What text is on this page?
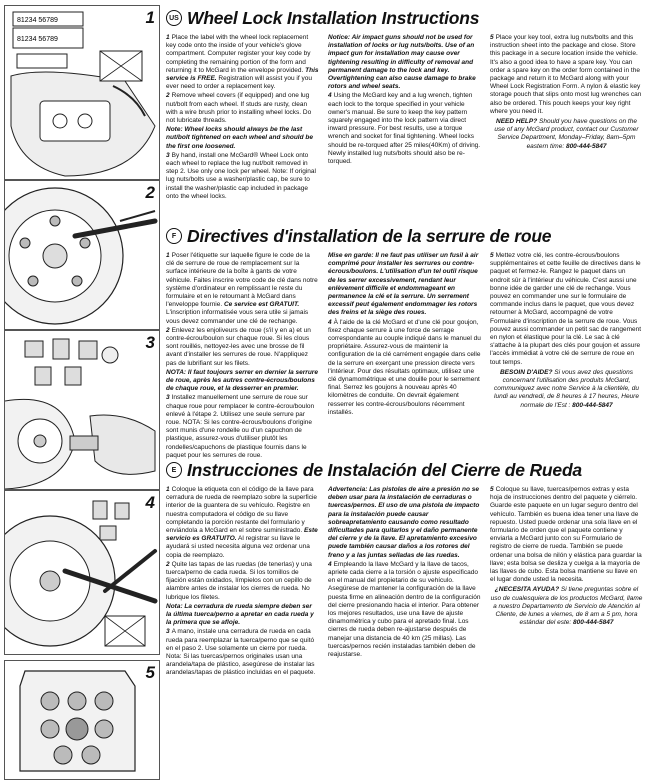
81234 56789
81234 56789
1
2
3
4
5
US Wheel Lock Installation Instructions

1 Place the label with the wheel lock replacement key code onto the inside of your vehicle's glove compartment. Computer register your key code by completing the remaining portion of the form and returning it to McGard in the envelope provided. This service is FREE. Registration will assist you if you ever need to order a replacement key.

2 Remove wheel covers (if equipped) and one lug nut/bolt from each wheel. If studs are rusty, clean with a wire brush prior to installing wheel locks. Do not lubricate threads.

Note: Wheel locks should always be the last nut/bolt tightened on each wheel and should be the first one loosened.

3 By hand, install one McGard® Wheel Lock onto each wheel to replace the lug nut/bolt removed in step 2. Use only one lock per wheel. Note: If original lug nuts/bolts use a washer/plastic cap, be sure to install the washer/plastic cap included in package onto the wheel locks.

Notice: Air impact guns should not be used for installation of locks or lug nuts/bolts. Use of an impact gun for installation may cause over tightening resulting in difficulty of removal and permanent damage to the lock and key. Overtightening can also cause damage to brake rotors and wheel seats.

4 Using the McGard key and a lug wrench, tighten each lock to the torque specified in your vehicle owner's manual. Be sure to keep the key pattern squarely engaged into the lock pattern via direct inward pressure. For best results, use a torque wrench and socket for final tightening. Wheel locks should be re-torqued after 25 miles(40Km) of driving. Newly installed lug nuts/bolts should also be re-torqued.

5 Place your key tool, extra lug nuts/bolts and this instruction sheet into the package and close. Store this package in a secure location inside the vehicle. It's also a good idea to have a spare key. You can order a spare key on the order form contained in the package and return it to McGard along with your Wheel Lock Registration Form. A nylon & elastic key storage pouch that slips onto most lug wrenches can also be ordered. This pouch keeps your key right where you need it.

NEED HELP? Should you have questions on the use of any McGard product, contact our Customer Service Department, Monday–Friday, 8am–5pm eastern time: 800-444-5847

F Directives d'installation de la serrure de roue

1 Poser l'étiquette sur laquelle figure le code de la clé de serrure de roue de remplacement sur la surface intérieure de la boîte à gants de votre véhicule. Faites inscrire votre code de clé dans notre système d'ordinateur en remplissant le reste du formulaire et en le retournant à McGard dans l'enveloppe fournie. Ce service est GRATUIT. L'inscription informatisée vous sera utile si jamais vous devez commander une clé de rechange.

2 Enlevez les enjoliveurs de roue (s'il y en a) et un contre-écrou/boulon sur chaque roue. Si les clous sont rouillés, nettoyez-les avec une brosse de fil avant d'installer les serrures de roue. N'appliquez pas de lubrifiant sur les filets.

NOTA: Il faut toujours serrer en dernier la serrure de roue, après les autres contre-écrous/boulons de chaque roue, et la desserrer en premier.

3 Installez manuellement une serrure de roue sur chaque roue pour remplacer le contre-écrou/boulon enlevé à l'étape 2. Utilisez une seule serrure par roue. NOTA: Si les contre-écrous/boulons d'origine sont munis d'une rondelle ou d'un capuchon de plastique, assurez-vous d'utiliser plutôt les rondelles/capuchons de plastique fournis dans le paquet pour les serrures de roue.

Mise en garde: Il ne faut pas utiliser un fusil à air comprimé pour installer les serrures ou contre-écrous/boulons. L'utilisation d'un tel outil risque de les serrer excessivement, rendant leur enlèvement difficile et endommageant en permanence la clé et la serrure. Un serrement excessif peut également endommager les rotors des freins et la siège des roues.

4 À l'aide de la clé McGard et d'une clé pour goujon, fixez chaque serrure à une force de serrage correspondante au couple indiqué dans le manuel du propriétaire. Assurez-vous de maintenir la configuration de la clé carrément engagée dans celle de la serrure en exerçant une pression directe vers l'intérieur. Pour des résultats optimaux, utilisez une clé dynamométrique et une douille pour le serrement final. Serrez les goujons à nouveau après 40 kilomètres de conduite. On devrait également resserrer les contre-écrous/boulons récemment installés.

5 Mettez votre clé, les contre-écrous/boulons supplémentaires et cette feuille de directives dans le paquet et fermez-le. Rangez le paquet dans un endroit sûr à l'intérieur du véhicule. C'est aussi une bonne idée de garder une clé de rechange. Vous pouvez en commander une sur le formulaire de commande inclus dans le paquet, que vous devez retourner à McGard, accompagné de votre Formulaire d'inscription de la serrure de roue. Vous pouvez aussi commander un petit sac de rangement en nylon et élastique pour la clé. Le sac à clé s'attache à la plupart des clés pour goujon et assure l'accès immédiat à votre clé de serrure de roue en tout temps.

BESOIN D'AIDE? Si vous avez des questions concernant l'utilisation des produits McGard, communiquez avec notre Service à la clientèle, du lundi au vendredi, de 8 heures à 17 heures, Heure normale de l'Est : 800-444-5847

E Instrucciones de Instalación del Cierre de Rueda

1 Coloque la etiqueta con el código de la llave para cerradura de rueda de reemplazo sobre la superficie interior de la guantera de su vehículo. Registre en nuestra computadora el código de su llave completando la porción restante del formulario y enviándola a McGard en el sobre suministrado. Este servicio es GRATUITO. Al registrar su llave le ayudará si usted necesita alguna vez ordenar una copia de reemplazo.

2 Quite las tapas de las ruedas (de tenerlas) y una tuerca/perno de cada rueda. Si los tornillos de fijación están oxidados, límpielos con un cepillo de alambre antes de instalar los cierres de rueda. No lubrique los filetes.

Nota: La cerradura de rueda siempre deben ser la última tuerca/perno a apretar en cada rueda y la primera que se afloje.

3 A mano, instale una cerradura de rueda en cada rueda para reemplazar la tuerca/perno que se quitó en el paso 2. Use solamente un cierre por rueda. Nota: Si las tuercas/pernos originales usan una arandela/tapa de plástico, asegúrese de instalar las arandelas/tapas de plástico incluidas en el paquete.

Advertencia: Las pistolas de aire a presión no se deben usar para la instalación de cerraduras o tuercas/pernos. El uso de una pistola de impacto para la instalación puede causar sobreapretamiento causando como resultado dificultades para quitarlos y el daño permanente del cierre y de la llave. El apretamiento excesivo puede también causar daños a los rotores del freno y a las juntas selladas de las ruedas.

4 Empleando la llave McGard y la llave de tacos, apriete cada cierre a la torsión o ajuste especificado en el manual del propietario de su vehículo. Asegúrese de mantener la configuración de la llave puesta firme en alineación dentro de la configuración del cierre presionando hacia el interior. Para obtener los mejores resultados, use una llave de ajuste dinamométrica y cubo para el apretado final. Los cierres de rueda deben re-ajustarse después de manejar una distancia de 40 km (25 millas). Las tuercas/pernos recién instaladas también deben de reajustarse.

5 Coloque su llave, tuercas/pernos extras y esta hoja de instrucciones dentro del paquete y ciérrelo. Guarde este paquete en un lugar seguro dentro del vehículo. También es buena idea tener una llave de repuesto. Usted puede ordenar una sola llave en el formulario de orden que el paquete contiene y enviarla a McGard junto con su Formulario de registro de cierre de rueda. También se puede ordenar una bolsa de nilón y elástica para guardar la llave; esta bolsa se desliza y cuelga a la mayoría de las llaves de cubo. Esta bolsa mantiene su llave en el lugar donde usted la necesita.

¿NECESITA AYUDA? Si tiene preguntas sobre el uso de cualesquiera de los productos McGard, llame a nuestro Departamento de Servicio de Atención al Cliente, de lunes a viernes, de 8 am a 5 pm, hora estándar del este: 800-444-5847
